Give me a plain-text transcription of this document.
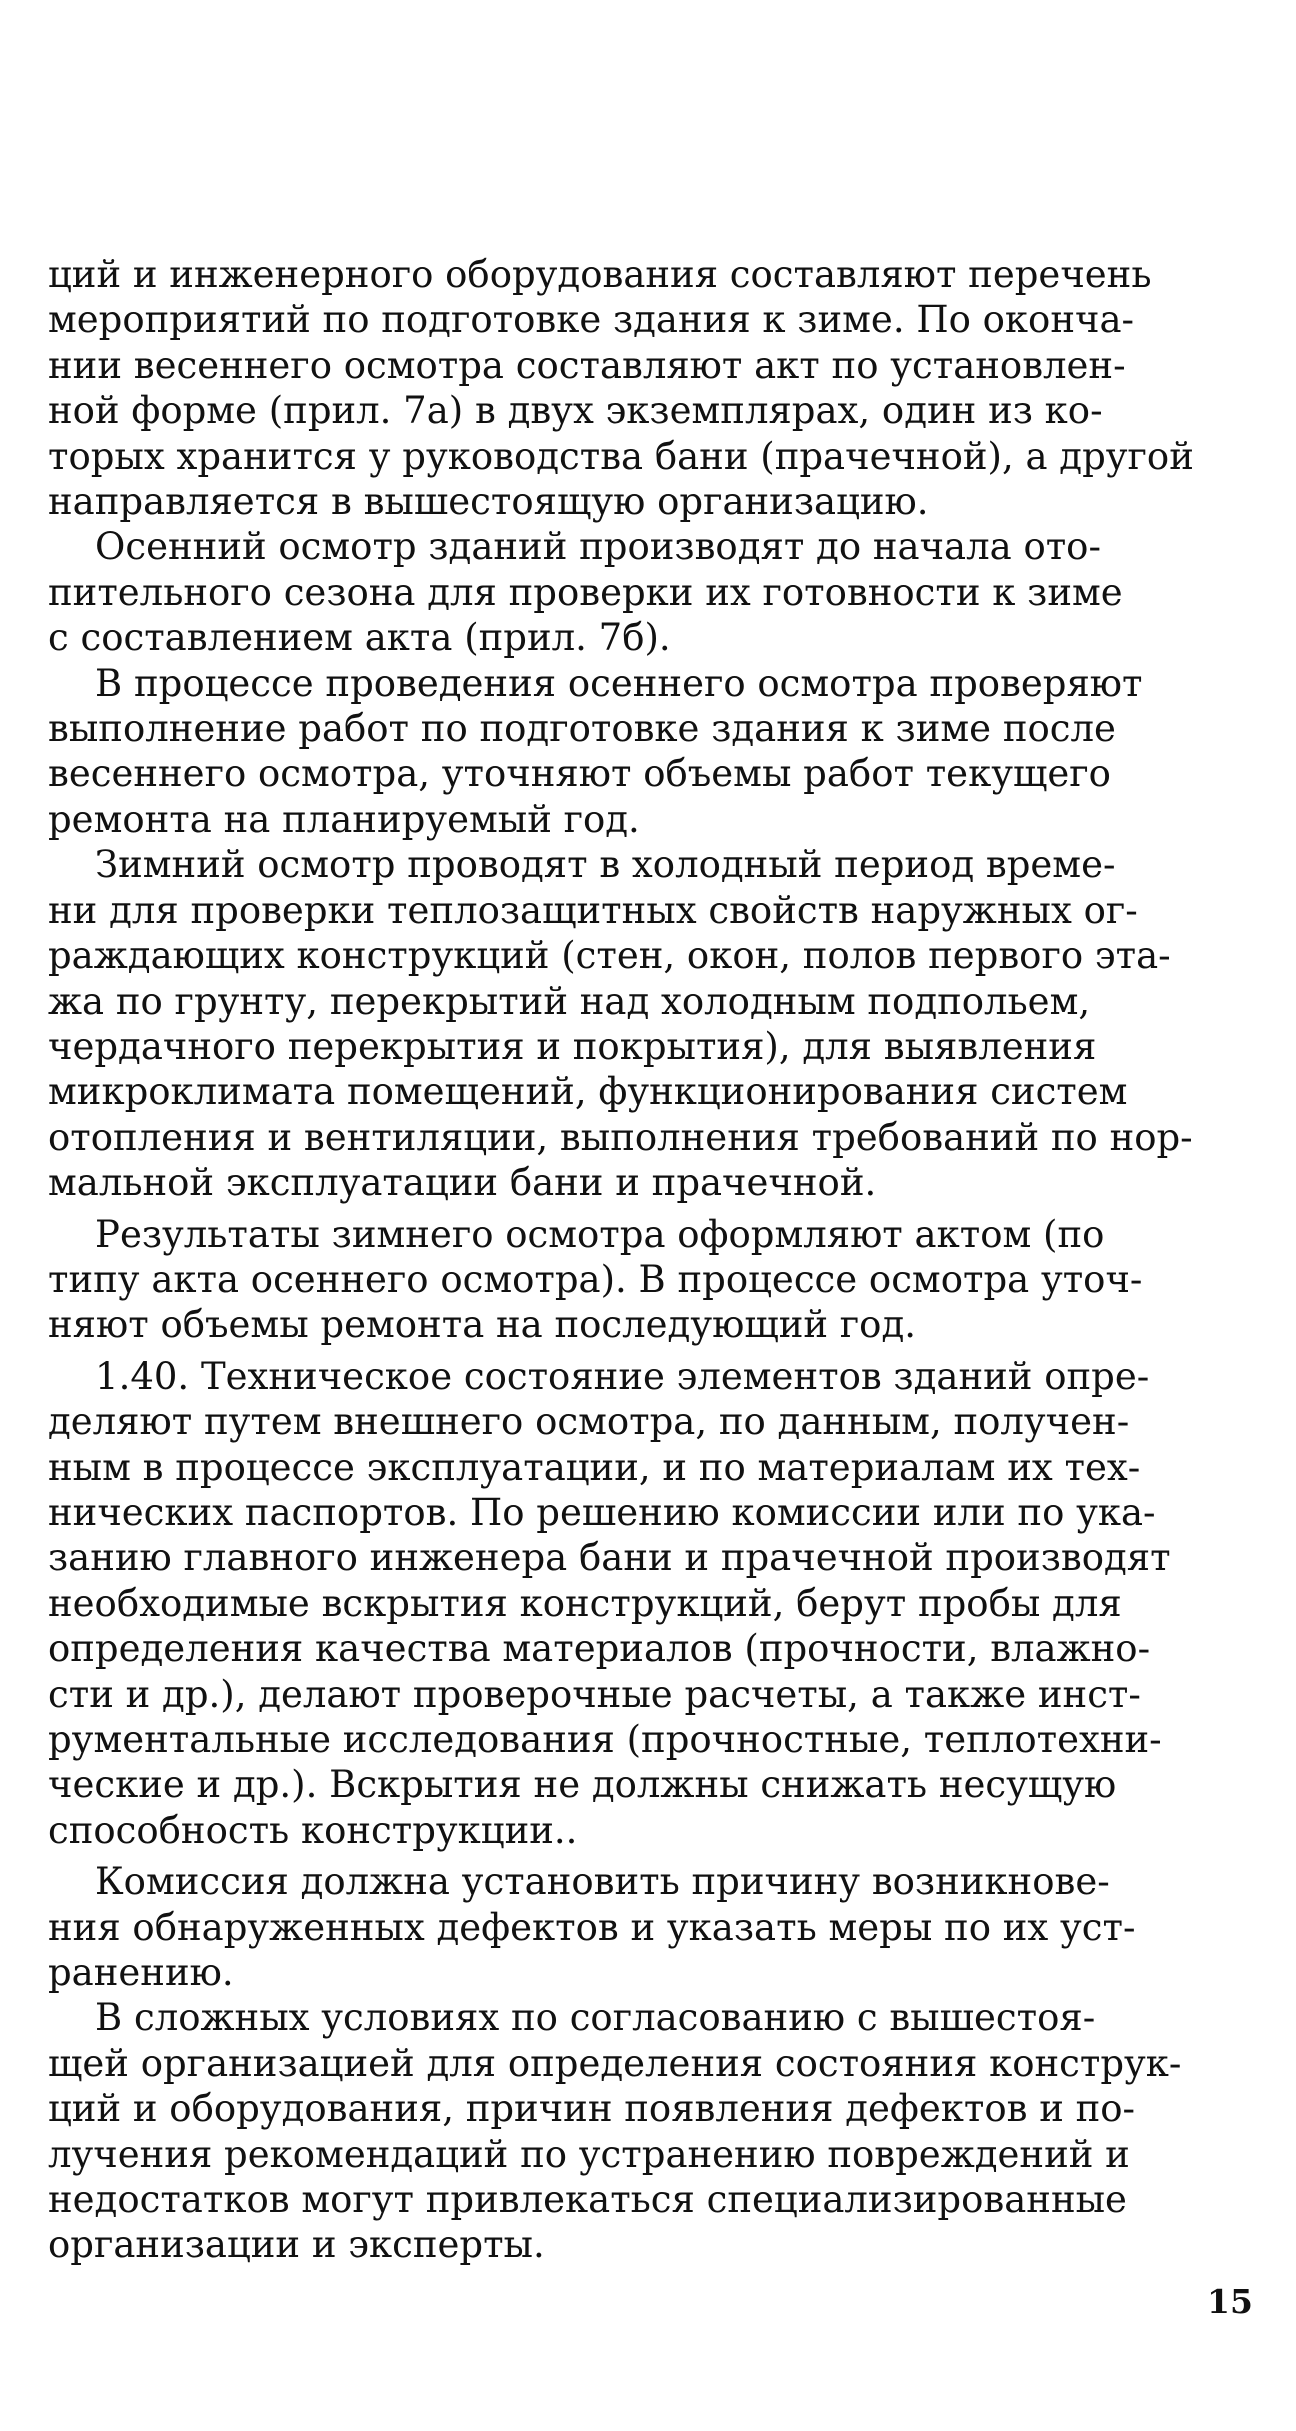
ций и инженерного оборудования составляют перечень
мероприятий по подготовке здания к зиме. По оконча-
нии весеннего осмотра составляют акт по установлен-
ной форме (прил. 7а) в двух экземплярах, один из ко-
торых хранится у руководства бани (прачечной), а другой
направляется в вышестоящую организацию.
Осенний осмотр зданий производят до начала ото-
пительного сезона для проверки их готовности к зиме
с составлением акта (прил. 7б).
В процессе проведения осеннего осмотра проверяют
выполнение работ по подготовке здания к зиме после
весеннего осмотра, уточняют объемы работ текущего
ремонта на планируемый год.
Зимний осмотр проводят в холодный период време-
ни для проверки теплозащитных свойств наружных ог-
раждающих конструкций (стен, окон, полов первого эта-
жа по грунту, перекрытий над холодным подпольем,
чердачного перекрытия и покрытия), для выявления
микроклимата помещений, функционирования систем
отопления и вентиляции, выполнения требований по нор-
мальной эксплуатации бани и прачечной.
Результаты зимнего осмотра оформляют актом (по
типу акта осеннего осмотра). В процессе осмотра уточ-
няют объемы ремонта на последующий год.
1.40. Техническое состояние элементов зданий опре-
деляют путем внешнего осмотра, по данным, получен-
ным в процессе эксплуатации, и по материалам их тех-
нических паспортов. По решению комиссии или по ука-
занию главного инженера бани и прачечной производят
необходимые вскрытия конструкций, берут пробы для
определения качества материалов (прочности, влажно-
сти и др.), делают проверочные расчеты, а также инст-
рументальные исследования (прочностные, теплотехни-
ческие и др.). Вскрытия не должны снижать несущую
способность конструкции..
Комиссия должна установить причину возникнове-
ния обнаруженных дефектов и указать меры по их уст-
ранению.
В сложных условиях по согласованию с вышестоя-
щей организацией для определения состояния конструк-
ций и оборудования, причин появления дефектов и по-
лучения рекомендаций по устранению повреждений и
недостатков могут привлекаться специализированные
организации и эксперты.
15
